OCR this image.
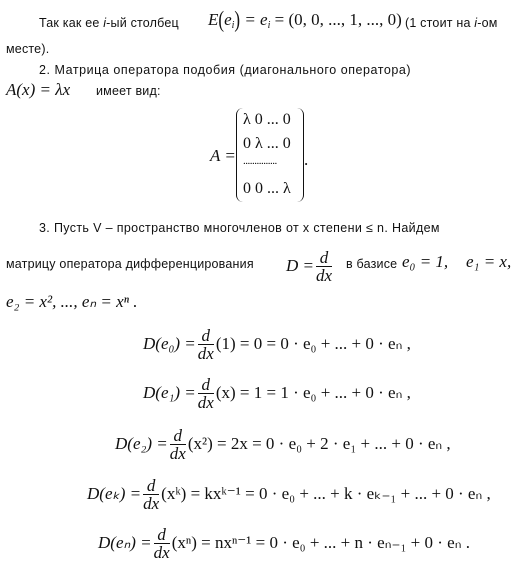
Так как ее i-ый столбец $E(e_i) = e_i = (0$, 0, ..., 1, ..., 0) (1 стоит на i-ом
месте).
2. Матрица оператора подобия (диагонального оператора)
A(x) = λx имеет вид:
A =
λ 0 ... 0
0 λ ... 0
...............
0 0 ... λ
.
3. Пусть V – пространство многочленов от x степени ≤ n. Найдем
матрицу оператора дифференцирования $D = \frac{d}{dx}$ в базисе e₀ = 1, e₁ = x,
e₂ = x², ..., eₙ = xⁿ .
$D(e_0) = \frac{d}{dx} (1) = 0 = 0 \cdot e_0$ + ... + 0 · eₙ ,
$D(e_1) = \frac{d}{dx} (x) = 1 = 1 \cdot e_0$ + ... + 0 · eₙ ,
$D(e_2) = \frac{d}{dx} (x^2) = 2x = 0 \cdot e_0 + 2 \cdot e_1$ + ... + 0 · eₙ ,
$D(e_k) = \frac{d}{dx}$ (xᵏ) = kxᵏ⁻¹ = 0 · e₀ + ... + k · eₖ₋₁ + ... + 0 · eₙ ,
$D(e_n) = \frac{d}{dx} (x^n) = nx^{n-1} = 0 \cdot e_0$ + ... + n · eₙ₋₁ + 0 · eₙ .
